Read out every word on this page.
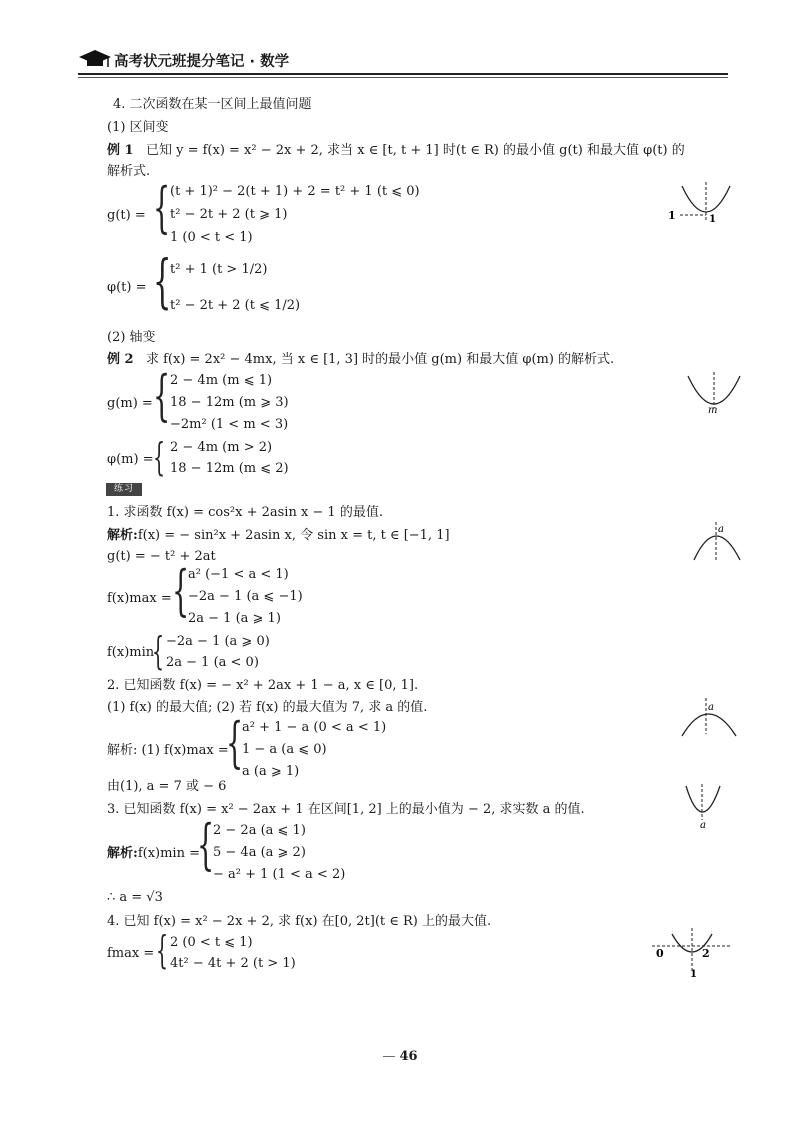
高考状元班提分笔记 · 数学
4. 二次函数在某一区间上最值问题
(1) 区间变
例 1 已知 y = f(x) = x² − 2x + 2, 求当 x ∈ [t, t + 1] 时(t ∈ R) 的最小值 g(t) 和最大值 φ(t) 的
解析式.
g(t) = { (t + 1)² − 2(t + 1) + 2 = t² + 1 (t ⩽ 0)
t² − 2t + 2 (t ⩾ 1)
1 (0 < t < 1)
φ(t) = {
t² + 1 (t > 1/2)
t² − 2t + 2 (t ⩽ 1/2)
(2) 轴变
例 2 求 f(x) = 2x² − 4mx, 当 x ∈ [1, 3] 时的最小值 g(m) 和最大值 φ(m) 的解析式.
g(m) = { 2 − 4m (m ⩽ 1)
18 − 12m (m ⩾ 3)
−2m² (1 < m < 3)
φ(m) = { 2 − 4m (m > 2)
18 − 12m (m ⩽ 2)
练习
1. 求函数 f(x) = cos²x + 2asin x − 1 的最值.
解析:f(x) = − sin²x + 2asin x, 令 sin x = t, t ∈ [−1, 1]
g(t) = − t² + 2at
f(x)max = {
a² (−1 < a < 1)
−2a − 1 (a ⩽ −1)
2a − 1 (a ⩾ 1)
f(x)min
{ −2a − 1 (a ⩾ 0)
2a − 1 (a < 0)
2. 已知函数 f(x) = − x² + 2ax + 1 − a, x ∈ [0, 1].
(1) f(x) 的最大值; (2) 若 f(x) 的最大值为 7, 求 a 的值.
解析: (1) f(x)max =
{
a² + 1 − a (0 < a < 1)
1 − a (a ⩽ 0)
a (a ⩾ 1)
由(1), a = 7 或 − 6
3. 已知函数 f(x) = x² − 2ax + 1 在区间[1, 2] 上的最小值为 − 2, 求实数 a 的值.
解析:f(x)min =
{
2 − 2a (a ⩽ 1)
5 − 4a (a ⩾ 2)
− a² + 1 (1 < a < 2)
∴ a = √3
4. 已知 f(x) = x² − 2x + 2, 求 f(x) 在[0, 2t](t ∈ R) 上的最大值.
fmax = { 2 (0 < t ⩽ 1)
4t² − 4t + 2 (t > 1)
1	1
m
a
a
a
0	2
1
— 46
